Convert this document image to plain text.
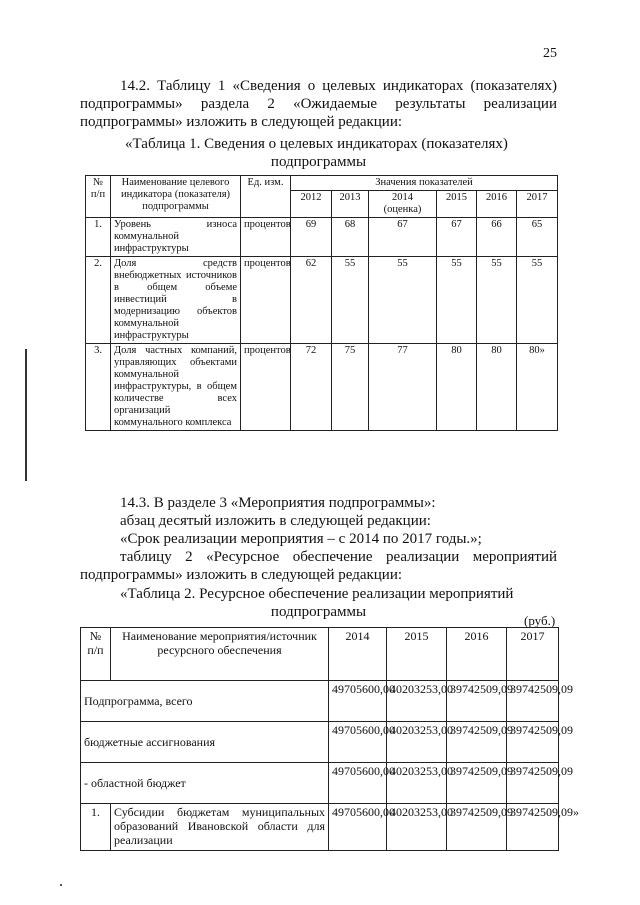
25
14.2. Таблицу 1 «Сведения о целевых индикаторах (показателях)
подпрограммы» раздела 2 «Ожидаемые результаты реализации
подпрограммы» изложить в следующей редакции:
«Таблица 1. Сведения о целевых индикаторах (показателях)
подпрограммы
№ п/п	Наименование целевого индикатора (показателя) подпрограммы	Ед. изм.	Значения показателей					
			2012	2013	2014 (оценка)	2015	2016	2017
1.	Уровень износа коммунальной инфраструктуры	процентов	69	68	67	67	66	65
2.	Доля средств внебюджетных источников в общем объеме инвестиций в модернизацию объектов коммунальной инфраструктуры	процентов	62	55	55	55	55	55
3.	Доля частных компаний, управляющих объектами коммунальной инфраструктуры, в общем количестве всех организаций коммунального комплекса	процентов	72	75	77	80	80	80»
14.3. В разделе 3 «Мероприятия подпрограммы»:
абзац десятый изложить в следующей редакции:
«Срок реализации мероприятия – с 2014 по 2017 годы.»;
таблицу 2 «Ресурсное обеспечение реализации мероприятий
подпрограммы» изложить в следующей редакции:
«Таблица 2. Ресурсное обеспечение реализации мероприятий
подпрограммы
(руб.)
№ п/п	Наименование мероприятия/источник ресурсного обеспечения	2014	2015	2016	2017
Подпрограмма, всего		49705600,00	40203253,00	39742509,09	39742509,09
бюджетные ассигнования		49705600,00	40203253,00	39742509,09	39742509,09
- областной бюджет		49705600,00	40203253,00	39742509,09	39742509,09
1.	Субсидии бюджетам муниципальных образований Ивановской области для реализации	49705600,00	40203253,00	39742509,09	39742509,09»
